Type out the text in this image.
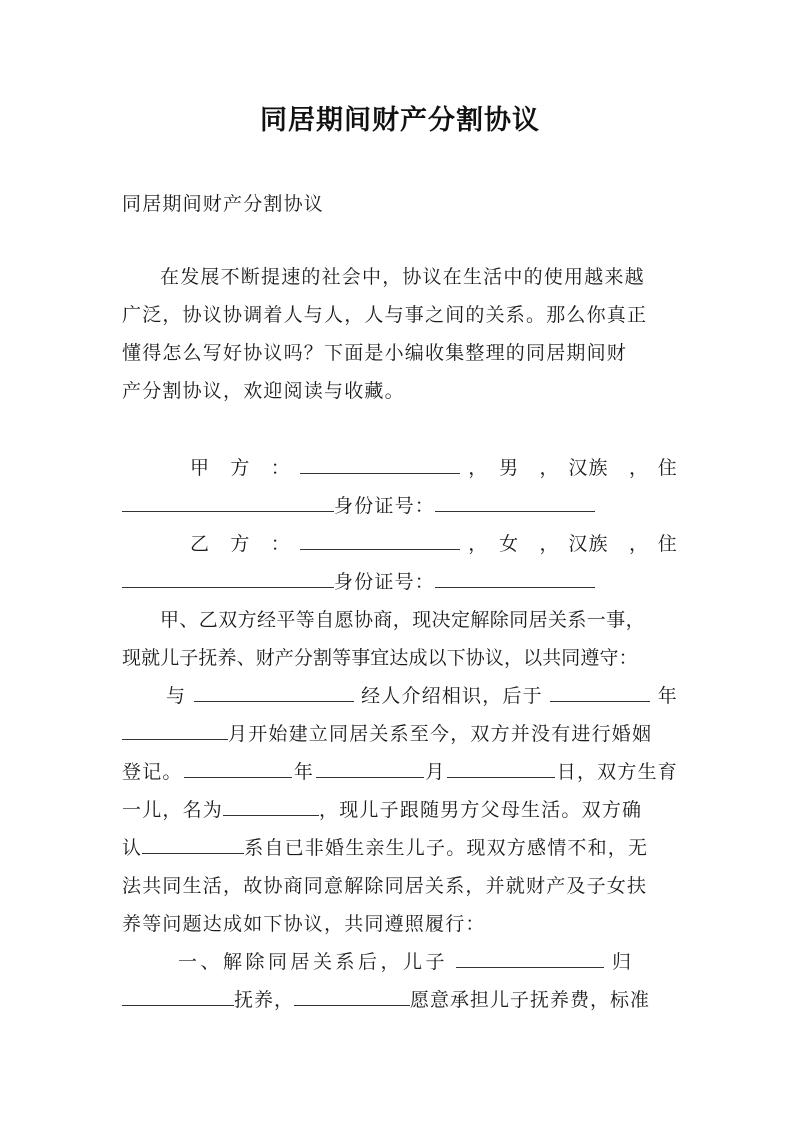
同居期间财产分割协议
同居期间财产分割协议
在发展不断提速的社会中，协议在生活中的使用越来越
广泛，协议协调着人与人，人与事之间的关系。那么你真正
懂得怎么写好协议吗？下面是小编收集整理的同居期间财
产分割协议，欢迎阅读与收藏。
甲　方　：	，　男　， 汉族　， 住
身份证号：
乙　方　：	，　女　， 汉族　， 住
身份证号：
甲、乙双方经平等自愿协商，现决定解除同居关系一事，
现就儿子抚养、财产分割等事宜达成以下协议，以共同遵守：
与	经人介绍相识，后于	年
月开始建立同居关系至今，双方并没有进行婚姻
登记。	年	月	日，双方生育
一儿，名为	，现儿子跟随男方父母生活。双方确
认	系自已非婚生亲生儿子。现双方感情不和，无
法共同生活，故协商同意解除同居关系，并就财产及子女扶
养等问题达成如下协议，共同遵照履行：
一、解除同居关系后，儿子	归
抚养，	愿意承担儿子抚养费，标准
